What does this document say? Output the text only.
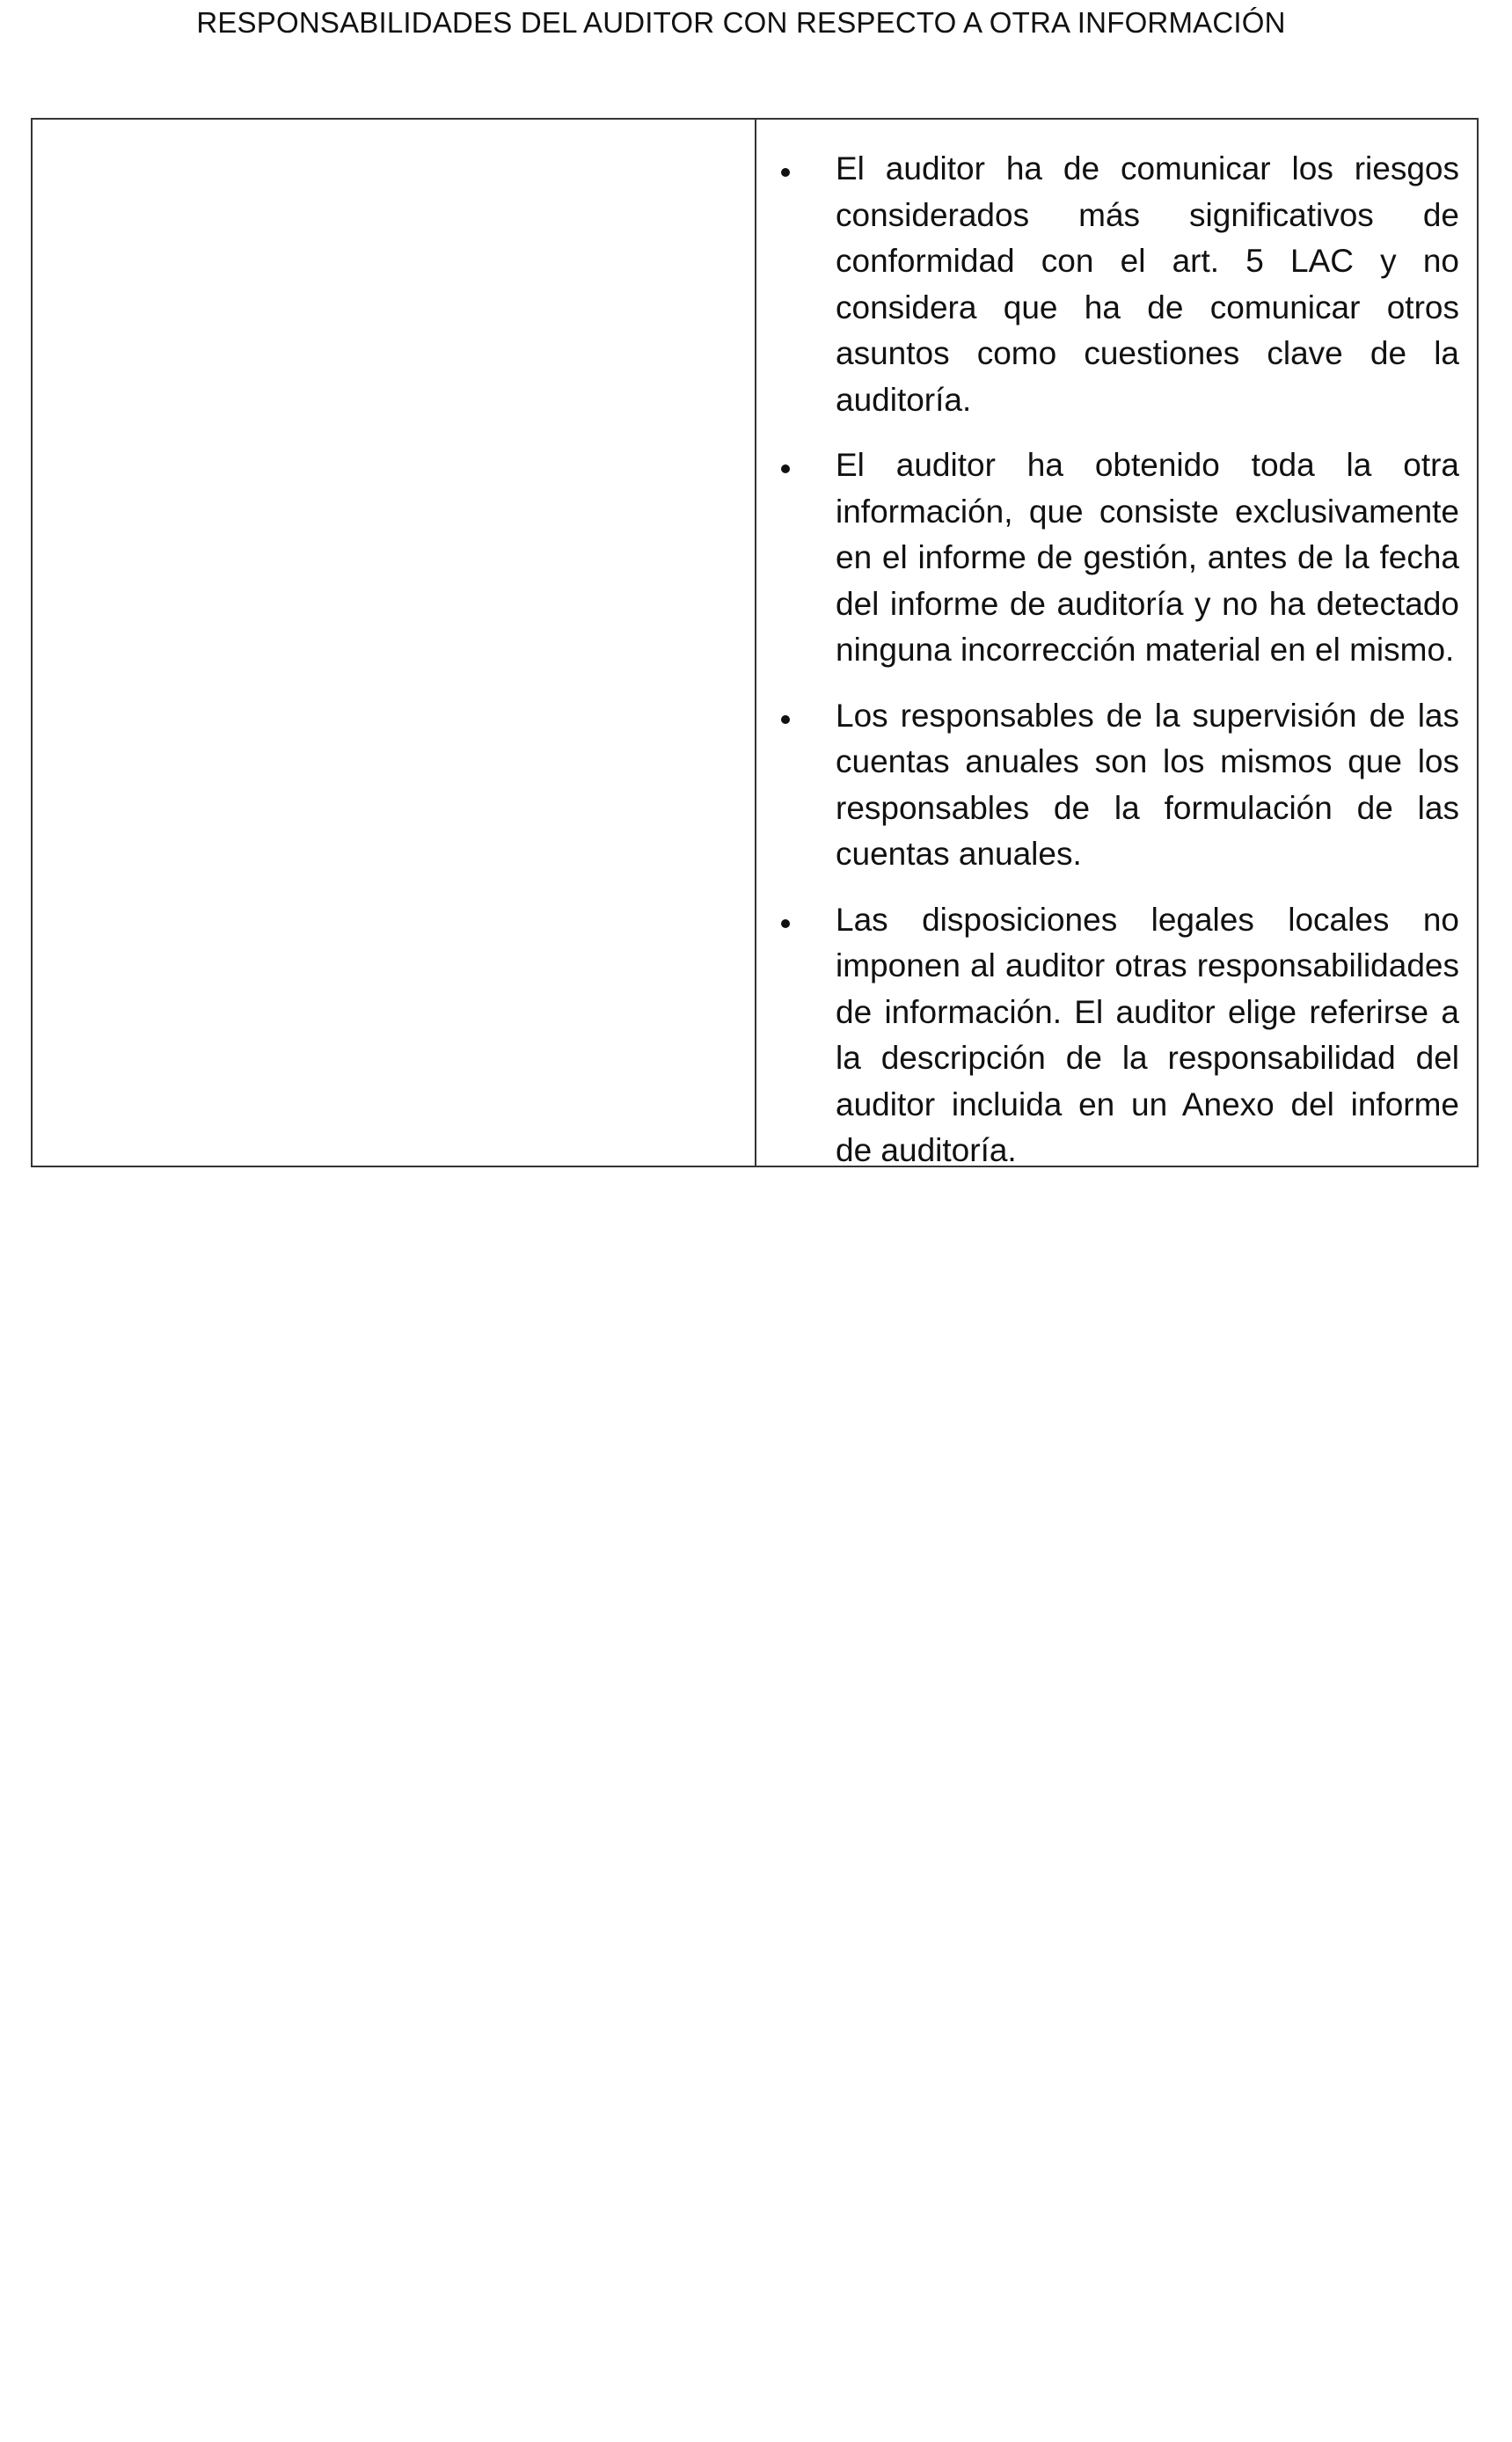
RESPONSABILIDADES DEL AUDITOR CON RESPECTO A OTRA INFORMACIÓN
El auditor ha de comunicar los riesgos considerados más significativos de conformidad con el art. 5 LAC y no considera que ha de comunicar otros asuntos como cuestiones clave de la auditoría.
El auditor ha obtenido toda la otra información, que consiste exclusivamente en el informe de gestión, antes de la fecha del informe de auditoría y no ha detectado ninguna incorrección material en el mismo.
Los responsables de la supervisión de las cuentas anuales son los mismos que los responsables de la formulación de las cuentas anuales.
Las disposiciones legales locales no imponen al auditor otras responsabilidades de información. El auditor elige referirse a la descripción de la responsabilidad del auditor incluida en un Anexo del informe de auditoría.
